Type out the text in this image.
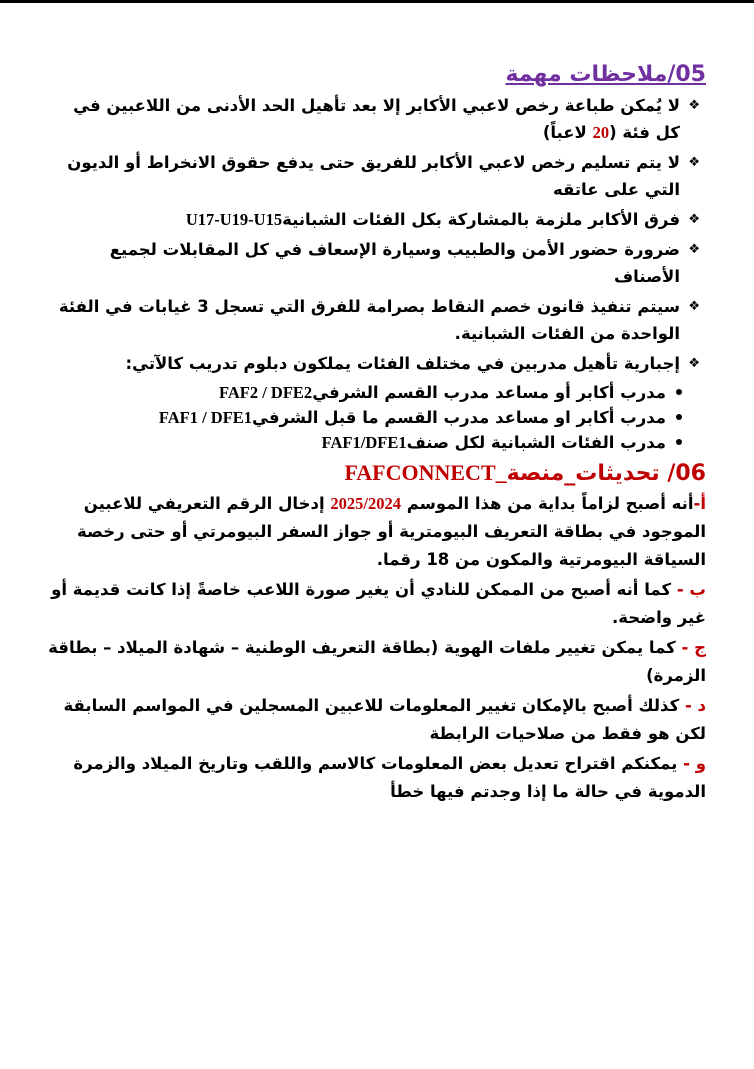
05/ملاحظات مهمة
❖
لا يُمكن طباعة رخص لاعبي الأكابر إلا بعد تأهيل الحد الأدنى من اللاعبين في كل فئة (20 لاعباً)
❖
لا يتم تسليم رخص لاعبي الأكابر للفريق حتى يدفع حقوق الانخراط أو الديون التي على عاتقه
❖
فرق الأكابر ملزمة بالمشاركة بكل الفئات الشبانيةU17-U19-U15
❖
ضرورة حضور الأمن والطبيب وسيارة الإسعاف في كل المقابلات لجميع الأصناف
❖
سيتم تنفيذ قانون خصم النقاط بصرامة للفرق التي تسجل 3 غيابات في الفئة الواحدة من الفئات الشبانية.
❖
إجبارية تأهيل مدربين في مختلف الفئات يملكون دبلوم تدريب كالآتي:
مدرب أكابر أو مساعد مدرب القسم الشرفيFAF2 / DFE2
مدرب أكابر او مساعد مدرب القسم ما قبل الشرفيFAF1 / DFE1
مدرب الفئات الشبانية لكل صنفFAF1/DFE1
06/ تحديثات_منصةFAFCONNECT_
أ-أنه أصبح لزاماً بداية من هذا الموسم 2025/2024 إدخال الرقم التعريفي للاعبين الموجود في بطاقة التعريف البيومترية أو جواز السفر البيومرتي أو حتى رخصة السياقة البيومرتية والمكون من 18 رقما.
ب - كما أنه أصبح من الممكن للنادي أن يغير صورة اللاعب خاصةً إذا كانت قديمة أو غير واضحة.
ج - كما يمكن تغيير ملفات الهوية (بطاقة التعريف الوطنية – شهادة الميلاد – بطاقة الزمرة)
د - كذلك أصبح بالإمكان تغيير المعلومات للاعبين المسجلين في المواسم السابقة لكن هو فقط من صلاحيات الرابطة
و - يمكنكم اقتراح تعديل بعض المعلومات كالاسم واللقب وتاريخ الميلاد والزمرة الدموية في حالة ما إذا وجدتم فيها خطأ
